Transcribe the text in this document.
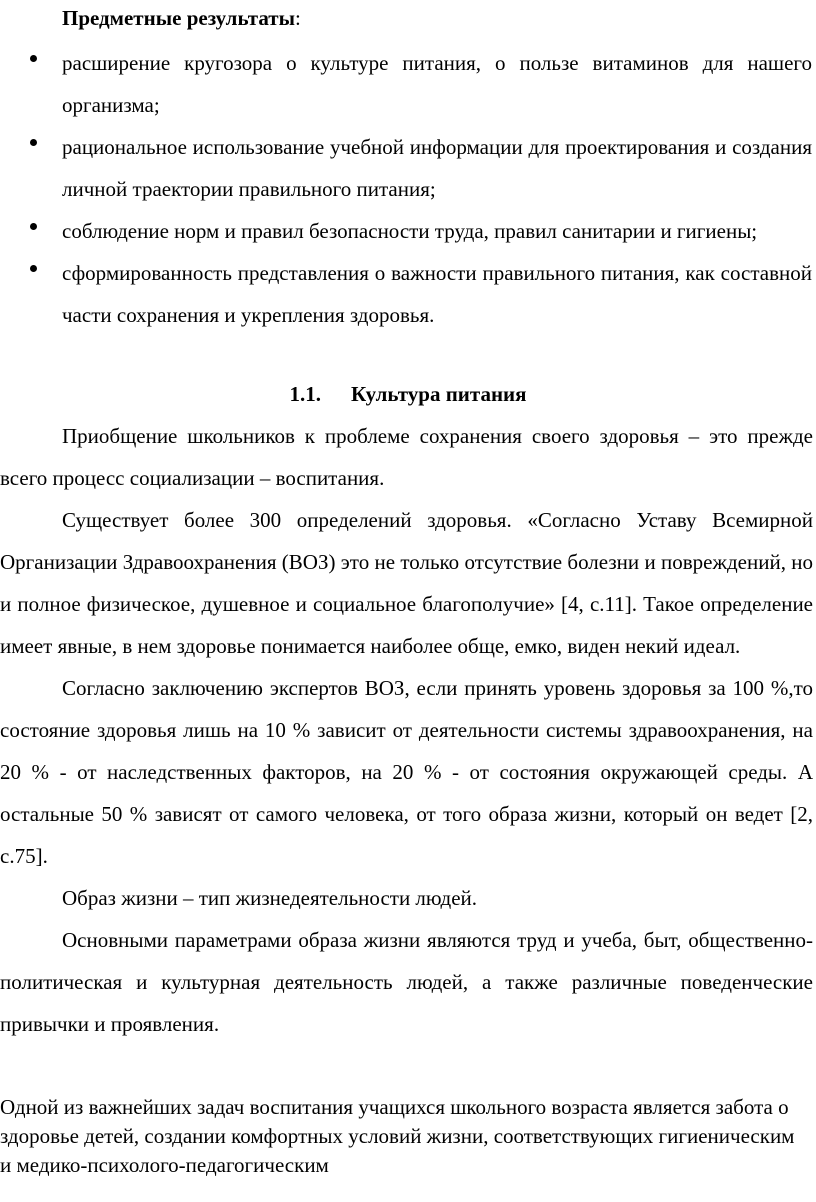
Предметные результаты:
расширение кругозора о культуре питания, о пользе витаминов для нашего организма;
рациональное использование учебной информации для проектирования и создания личной траектории правильного питания;
соблюдение норм и правил безопасности труда, правил санитарии и гигиены;
сформированность представления о важности правильного питания, как составной части сохранения и укрепления здоровья.
1.1. Культура питания

Приобщение школьников к проблеме сохранения своего здоровья – это прежде всего процесс социализации – воспитания.

Существует более 300 определений здоровья. «Согласно Уставу Всемирной Организации Здравоохранения (ВОЗ) это не только отсутствие болезни и повреждений, но и полное физическое, душевное и социальное благополучие» [4, с.11]. Такое определение имеет явные, в нем здоровье понимается наиболее обще, емко, виден некий идеал.

Согласно заключению экспертов ВОЗ, если принять уровень здоровья за 100 %,то состояние здоровья лишь на 10 % зависит от деятельности системы здравоохранения, на 20 % - от наследственных факторов, на 20 % - от состояния окружающей среды. А остальные 50 % зависят от самого человека, от того образа жизни, который он ведет [2, с.75].

Образ жизни – тип жизнедеятельности людей.

Основными параметрами образа жизни являются труд и учеба, быт, общественно-политическая и культурная деятельность людей, а также различные поведенческие привычки и проявления.

Одной из важнейших задач воспитания учащихся школьного возраста является забота о здоровье детей, создании комфортных условий жизни, соответствующих гигиеническим и медико-психолого-педагогическим
